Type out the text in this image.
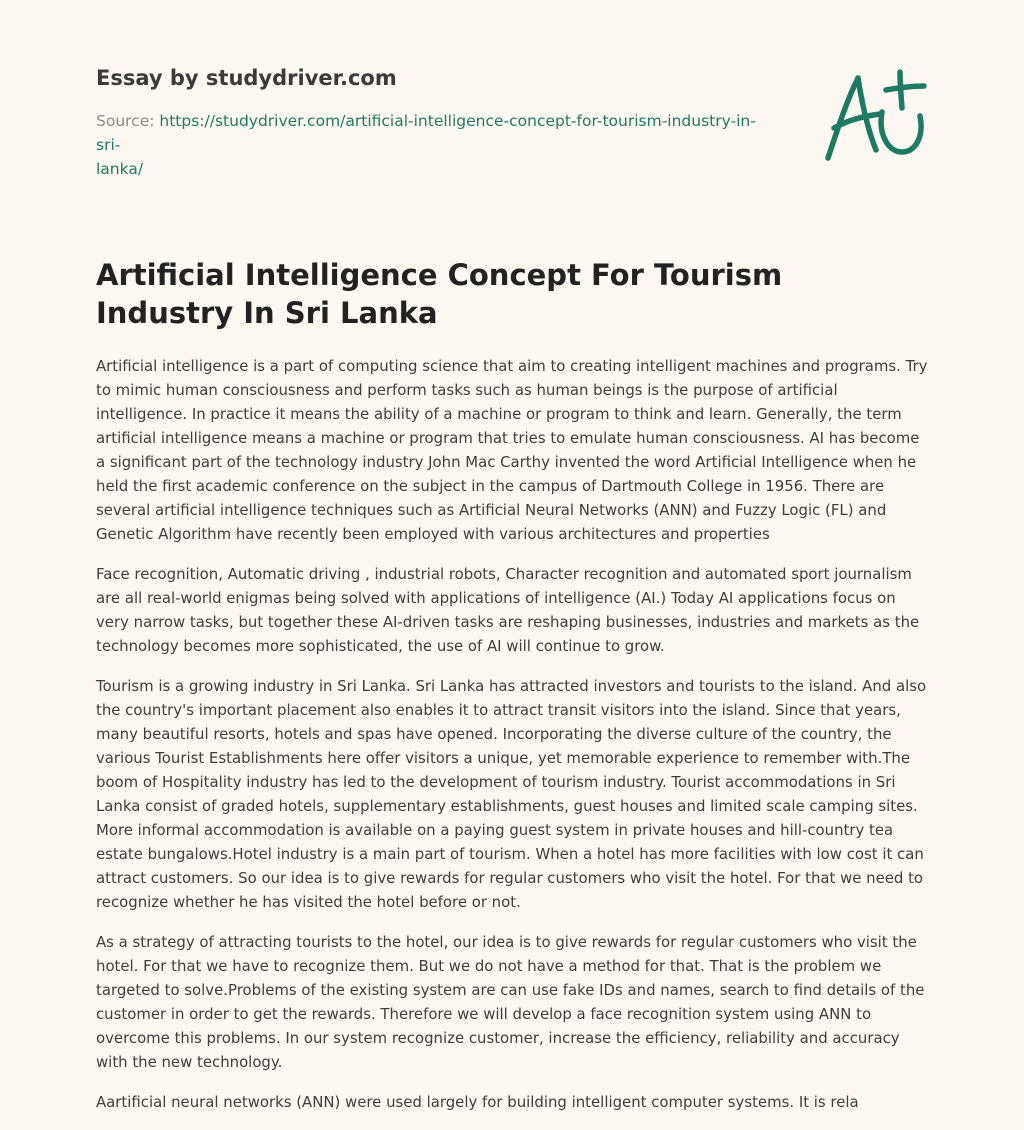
Essay by studydriver.com
Source: https://studydriver.com/artificial-intelligence-concept-for-tourism-industry-in-sri-
lanka/
Artificial Intelligence Concept For Tourism Industry In Sri Lanka

Artificial intelligence is a part of computing science that aim to creating intelligent machines and programs. Try to mimic human consciousness and perform tasks such as human beings is the purpose of artificial intelligence. In practice it means the ability of a machine or program to think and learn. Generally, the term artificial intelligence means a machine or program that tries to emulate human consciousness. AI has become a significant part of the technology industry John Mac Carthy invented the word Artificial Intelligence when he held the first academic conference on the subject in the campus of Dartmouth College in 1956. There are several artificial intelligence techniques such as Artificial Neural Networks (ANN) and Fuzzy Logic (FL) and Genetic Algorithm have recently been employed with various architectures and properties

Face recognition, Automatic driving , industrial robots, Character recognition and automated sport journalism are all real-world enigmas being solved with applications of intelligence (AI.) Today AI applications focus on very narrow tasks, but together these AI-driven tasks are reshaping businesses, industries and markets as the technology becomes more sophisticated, the use of AI will continue to grow.

Tourism is a growing industry in Sri Lanka. Sri Lanka has attracted investors and tourists to the island. And also the country's important placement also enables it to attract transit visitors into the island. Since that years, many beautiful resorts, hotels and spas have opened. Incorporating the diverse culture of the country, the various Tourist Establishments here offer visitors a unique, yet memorable experience to remember with.The boom of Hospitality industry has led to the development of tourism industry. Tourist accommodations in Sri Lanka consist of graded hotels, supplementary establishments, guest houses and limited scale camping sites. More informal accommodation is available on a paying guest system in private houses and hill-country tea estate bungalows.Hotel industry is a main part of tourism. When a hotel has more facilities with low cost it can attract customers. So our idea is to give rewards for regular customers who visit the hotel. For that we need to recognize whether he has visited the hotel before or not.

As a strategy of attracting tourists to the hotel, our idea is to give rewards for regular customers who visit the hotel. For that we have to recognize them. But we do not have a method for that. That is the problem we targeted to solve.Problems of the existing system are can use fake IDs and names, search to find details of the customer in order to get the rewards. Therefore we will develop a face recognition system using ANN to overcome this problems. In our system recognize customer, increase the efficiency, reliability and accuracy with the new technology.

Aartificial neural networks (ANN) were used largely for building intelligent computer systems. It is rela
